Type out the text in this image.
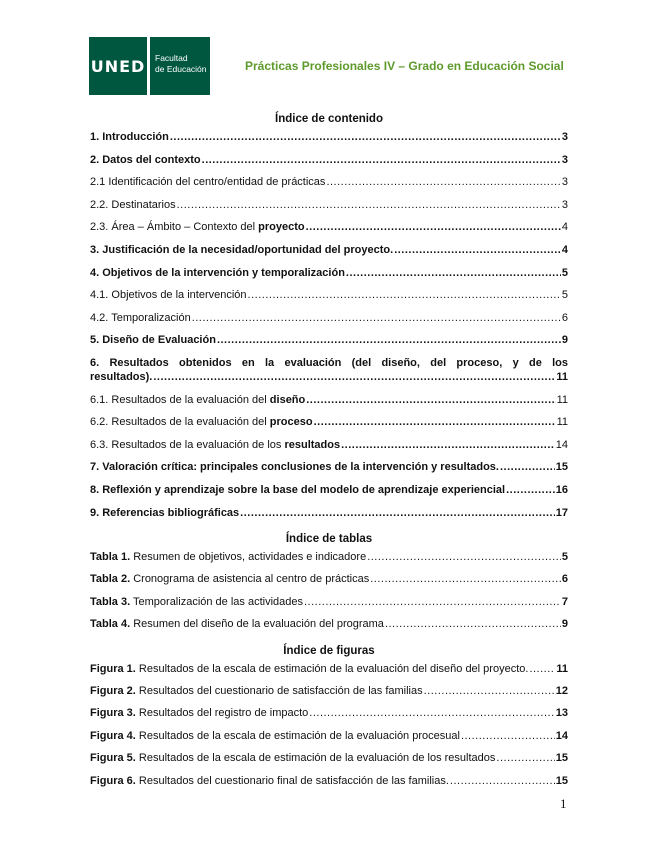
UNED Facultad
de Educación	Prácticas Profesionales IV – Grado en Educación Social
Índice de contenido
1. Introducción .....	3
2. Datos del contexto .....	3
2.1 Identificación del centro/entidad de prácticas .....	3
2.2. Destinatarios .....	3
2.3. Área – Ámbito – Contexto del proyecto .....	4
3. Justificación de la necesidad/oportunidad del proyecto. .....	4
4. Objetivos de la intervención y temporalización .....	5
4.1. Objetivos de la intervención .....	5
4.2. Temporalización .....	6
5. Diseño de Evaluación .....	9
6. Resultados obtenidos en la evaluación (del diseño, del proceso, y de los
resultados). .....	11
6.1. Resultados de la evaluación del diseño .....	11
6.2. Resultados de la evaluación del proceso .....	11
6.3. Resultados de la evaluación de los resultados .....	14
7. Valoración crítica: principales conclusiones de la intervención y resultados. .....	15
8. Reflexión y aprendizaje sobre la base del modelo de aprendizaje experiencial .....	16
9. Referencias bibliográficas .....	17
Índice de tablas
Tabla 1. Resumen de objetivos, actividades e indicadore .....	5
Tabla 2. Cronograma de asistencia al centro de prácticas .....	6
Tabla 3. Temporalización de las actividades .....	7
Tabla 4. Resumen del diseño de la evaluación del programa .....	9
Índice de figuras
Figura 1. Resultados de la escala de estimación de la evaluación del diseño del proyecto. .....	11
Figura 2. Resultados del cuestionario de satisfacción de las familias .....	12
Figura 3. Resultados del registro de impacto .....	13
Figura 4. Resultados de la escala de estimación de la evaluación procesual .....	14
Figura 5. Resultados de la escala de estimación de la evaluación de los resultados .....	15
Figura 6. Resultados del cuestionario final de satisfacción de las familias. .....	15
1
